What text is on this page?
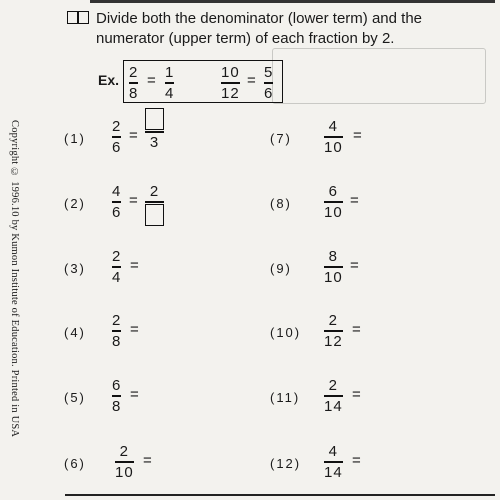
Divide both the denominator (lower term) and the
numerator (upper term) of each fraction by 2.
Copyright © 1996.10 by Kumon Institute of Education. Printed in USA
Ex. 2
8
= 1
4
10
12
= 5
6
(1)
2
6
= 3
(2)
4
6
=
2
(3)
2
4
=
(4)
2
8
=
(5)
6
8
=
(6)
2
10
=
(7)
4
10
=
(8)
6
10
=
(9)
8
10
=
(10)
2
12
=
(11)
2
14
=
(12)
4
14
=
